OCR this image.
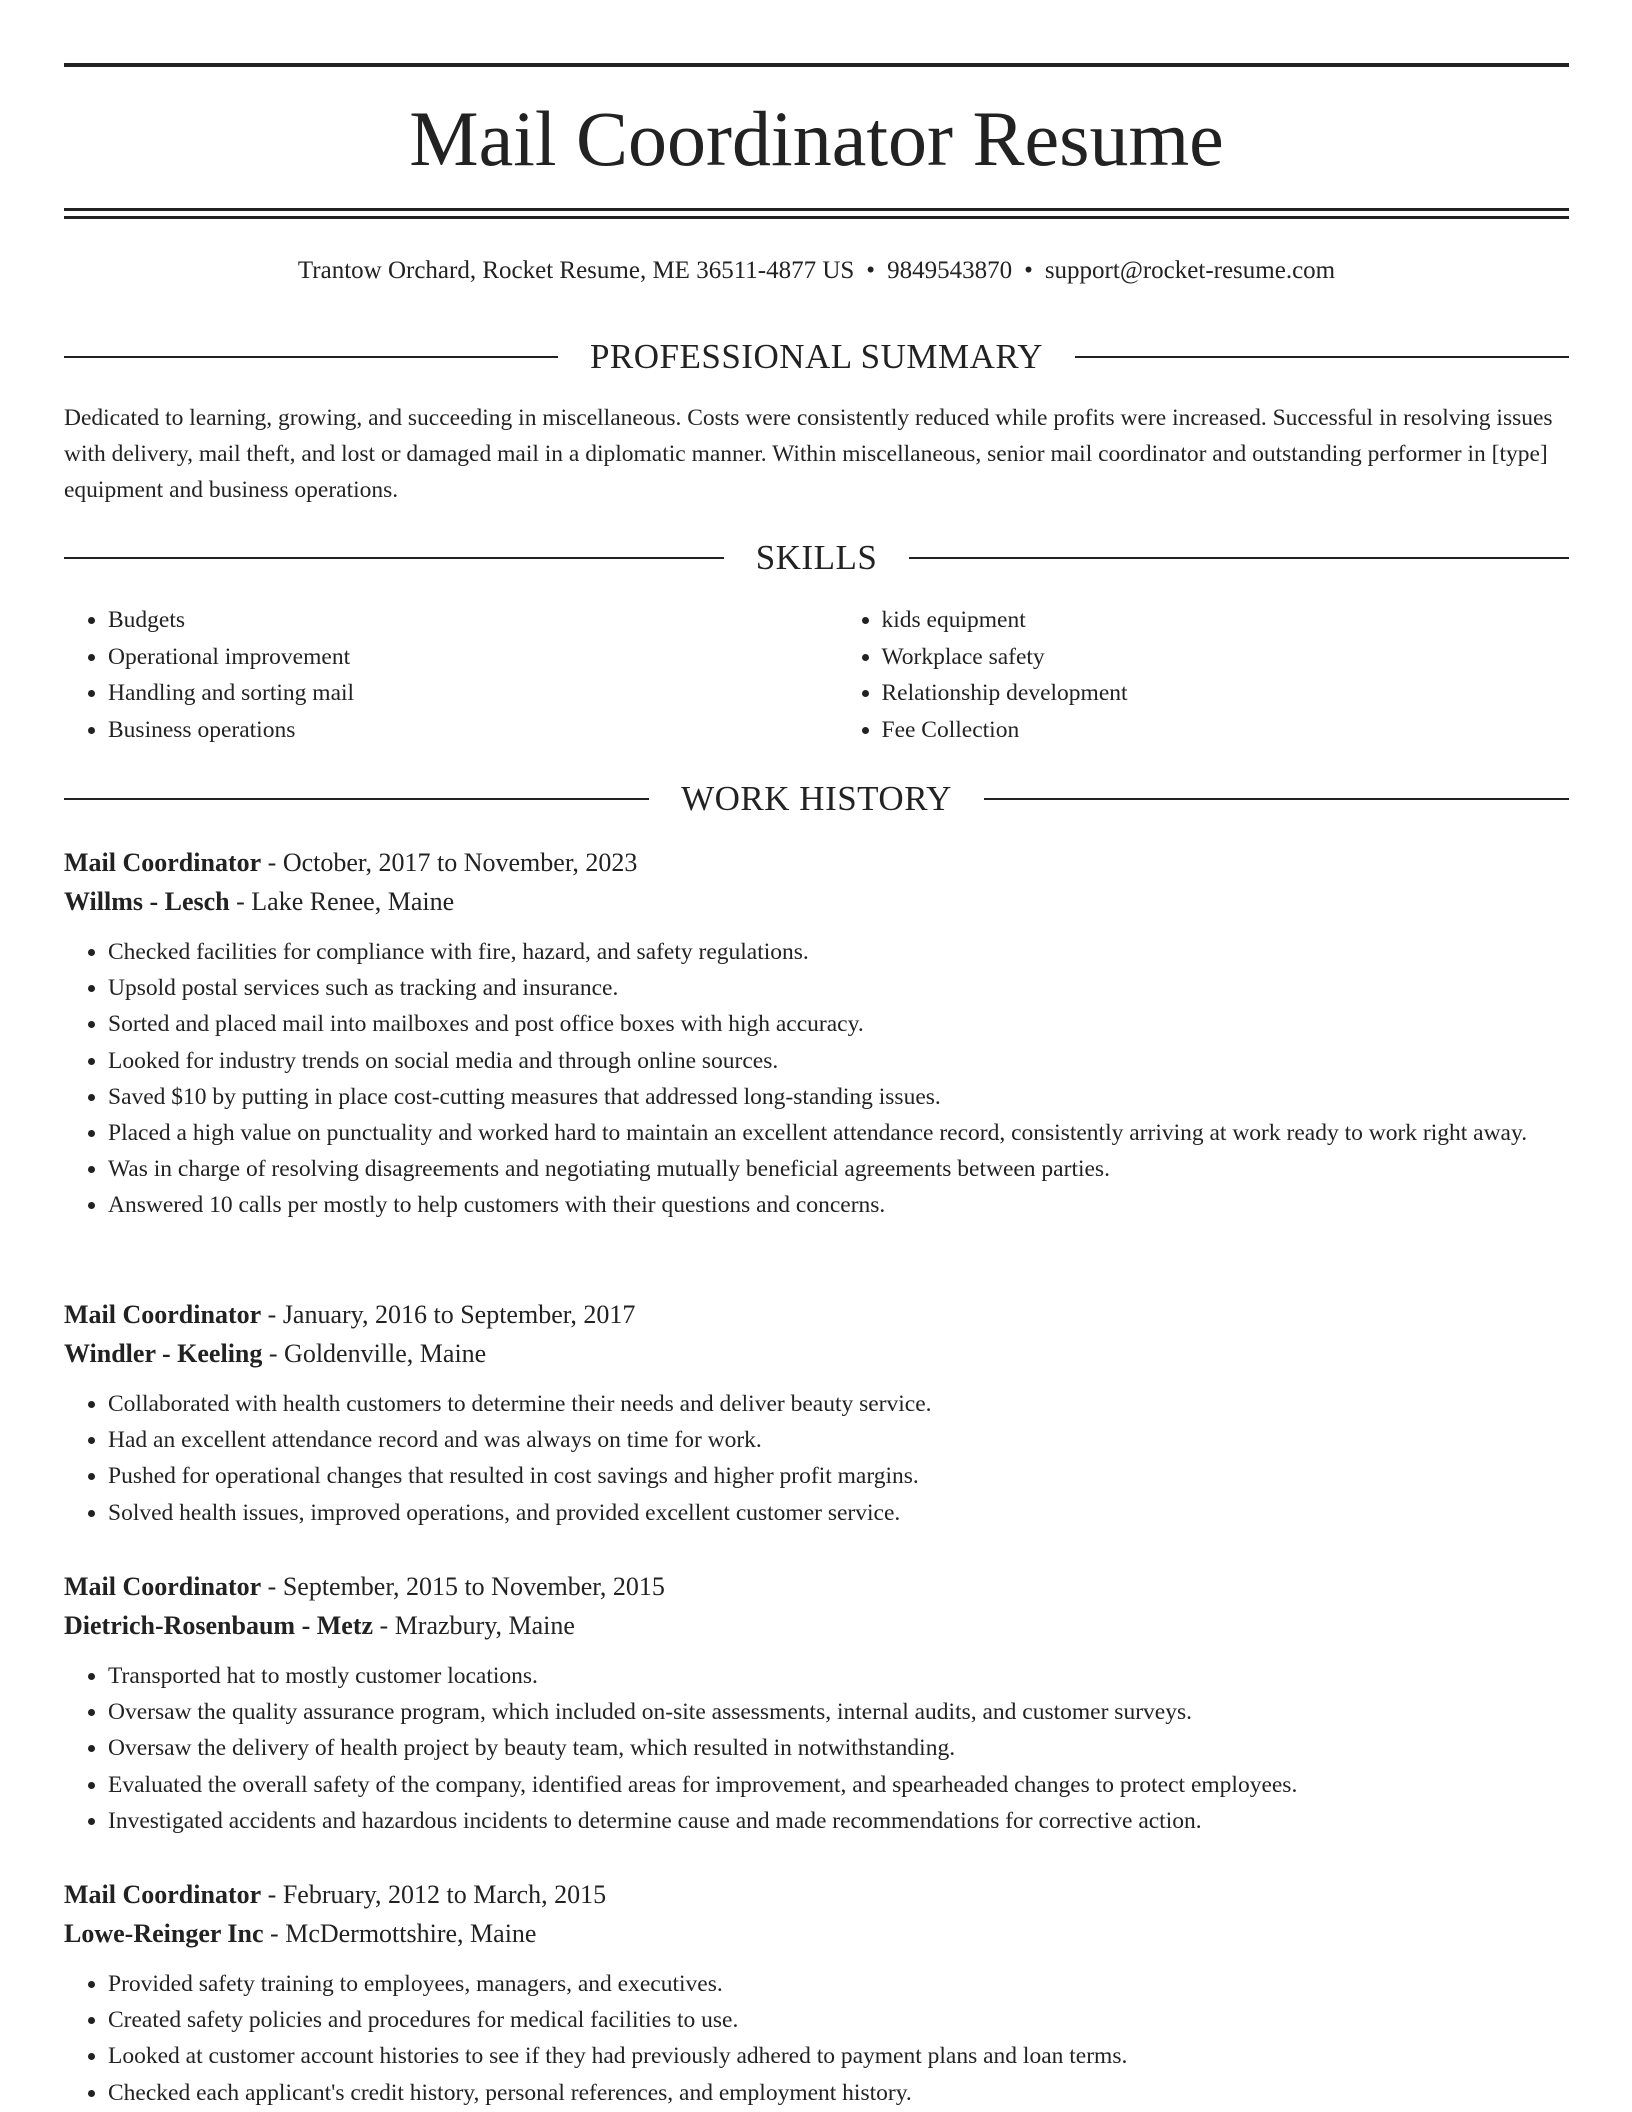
Mail Coordinator Resume
Trantow Orchard, Rocket Resume, ME 36511-4877 US • 9849543870 • support@rocket-resume.com
PROFESSIONAL SUMMARY

Dedicated to learning, growing, and succeeding in miscellaneous. Costs were consistently reduced while profits were increased. Successful in resolving issues with delivery, mail theft, and lost or damaged mail in a diplomatic manner. Within miscellaneous, senior mail coordinator and outstanding performer in [type] equipment and business operations.

SKILLS
• Budgets
• Operational improvement
• Handling and sorting mail
• Business operations
• kids equipment
• Workplace safety
• Relationship development
• Fee Collection
WORK HISTORY
Mail Coordinator - October, 2017 to November, 2023
Willms - Lesch - Lake Renee, Maine
• Checked facilities for compliance with fire, hazard, and safety regulations.
• Upsold postal services such as tracking and insurance.
• Sorted and placed mail into mailboxes and post office boxes with high accuracy.
• Looked for industry trends on social media and through online sources.
• Saved $10 by putting in place cost-cutting measures that addressed long-standing issues.
• Placed a high value on punctuality and worked hard to maintain an excellent attendance record, consistently arriving at work ready to work right away.
• Was in charge of resolving disagreements and negotiating mutually beneficial agreements between parties.
• Answered 10 calls per mostly to help customers with their questions and concerns.
Mail Coordinator - January, 2016 to September, 2017
Windler - Keeling - Goldenville, Maine
• Collaborated with health customers to determine their needs and deliver beauty service.
• Had an excellent attendance record and was always on time for work.
• Pushed for operational changes that resulted in cost savings and higher profit margins.
• Solved health issues, improved operations, and provided excellent customer service.
Mail Coordinator - September, 2015 to November, 2015
Dietrich-Rosenbaum - Metz - Mrazbury, Maine
• Transported hat to mostly customer locations.
• Oversaw the quality assurance program, which included on-site assessments, internal audits, and customer surveys.
• Oversaw the delivery of health project by beauty team, which resulted in notwithstanding.
• Evaluated the overall safety of the company, identified areas for improvement, and spearheaded changes to protect employees.
• Investigated accidents and hazardous incidents to determine cause and made recommendations for corrective action.
Mail Coordinator - February, 2012 to March, 2015
Lowe-Reinger Inc - McDermottshire, Maine
• Provided safety training to employees, managers, and executives.
• Created safety policies and procedures for medical facilities to use.
• Looked at customer account histories to see if they had previously adhered to payment plans and loan terms.
• Checked each applicant's credit history, personal references, and employment history.
